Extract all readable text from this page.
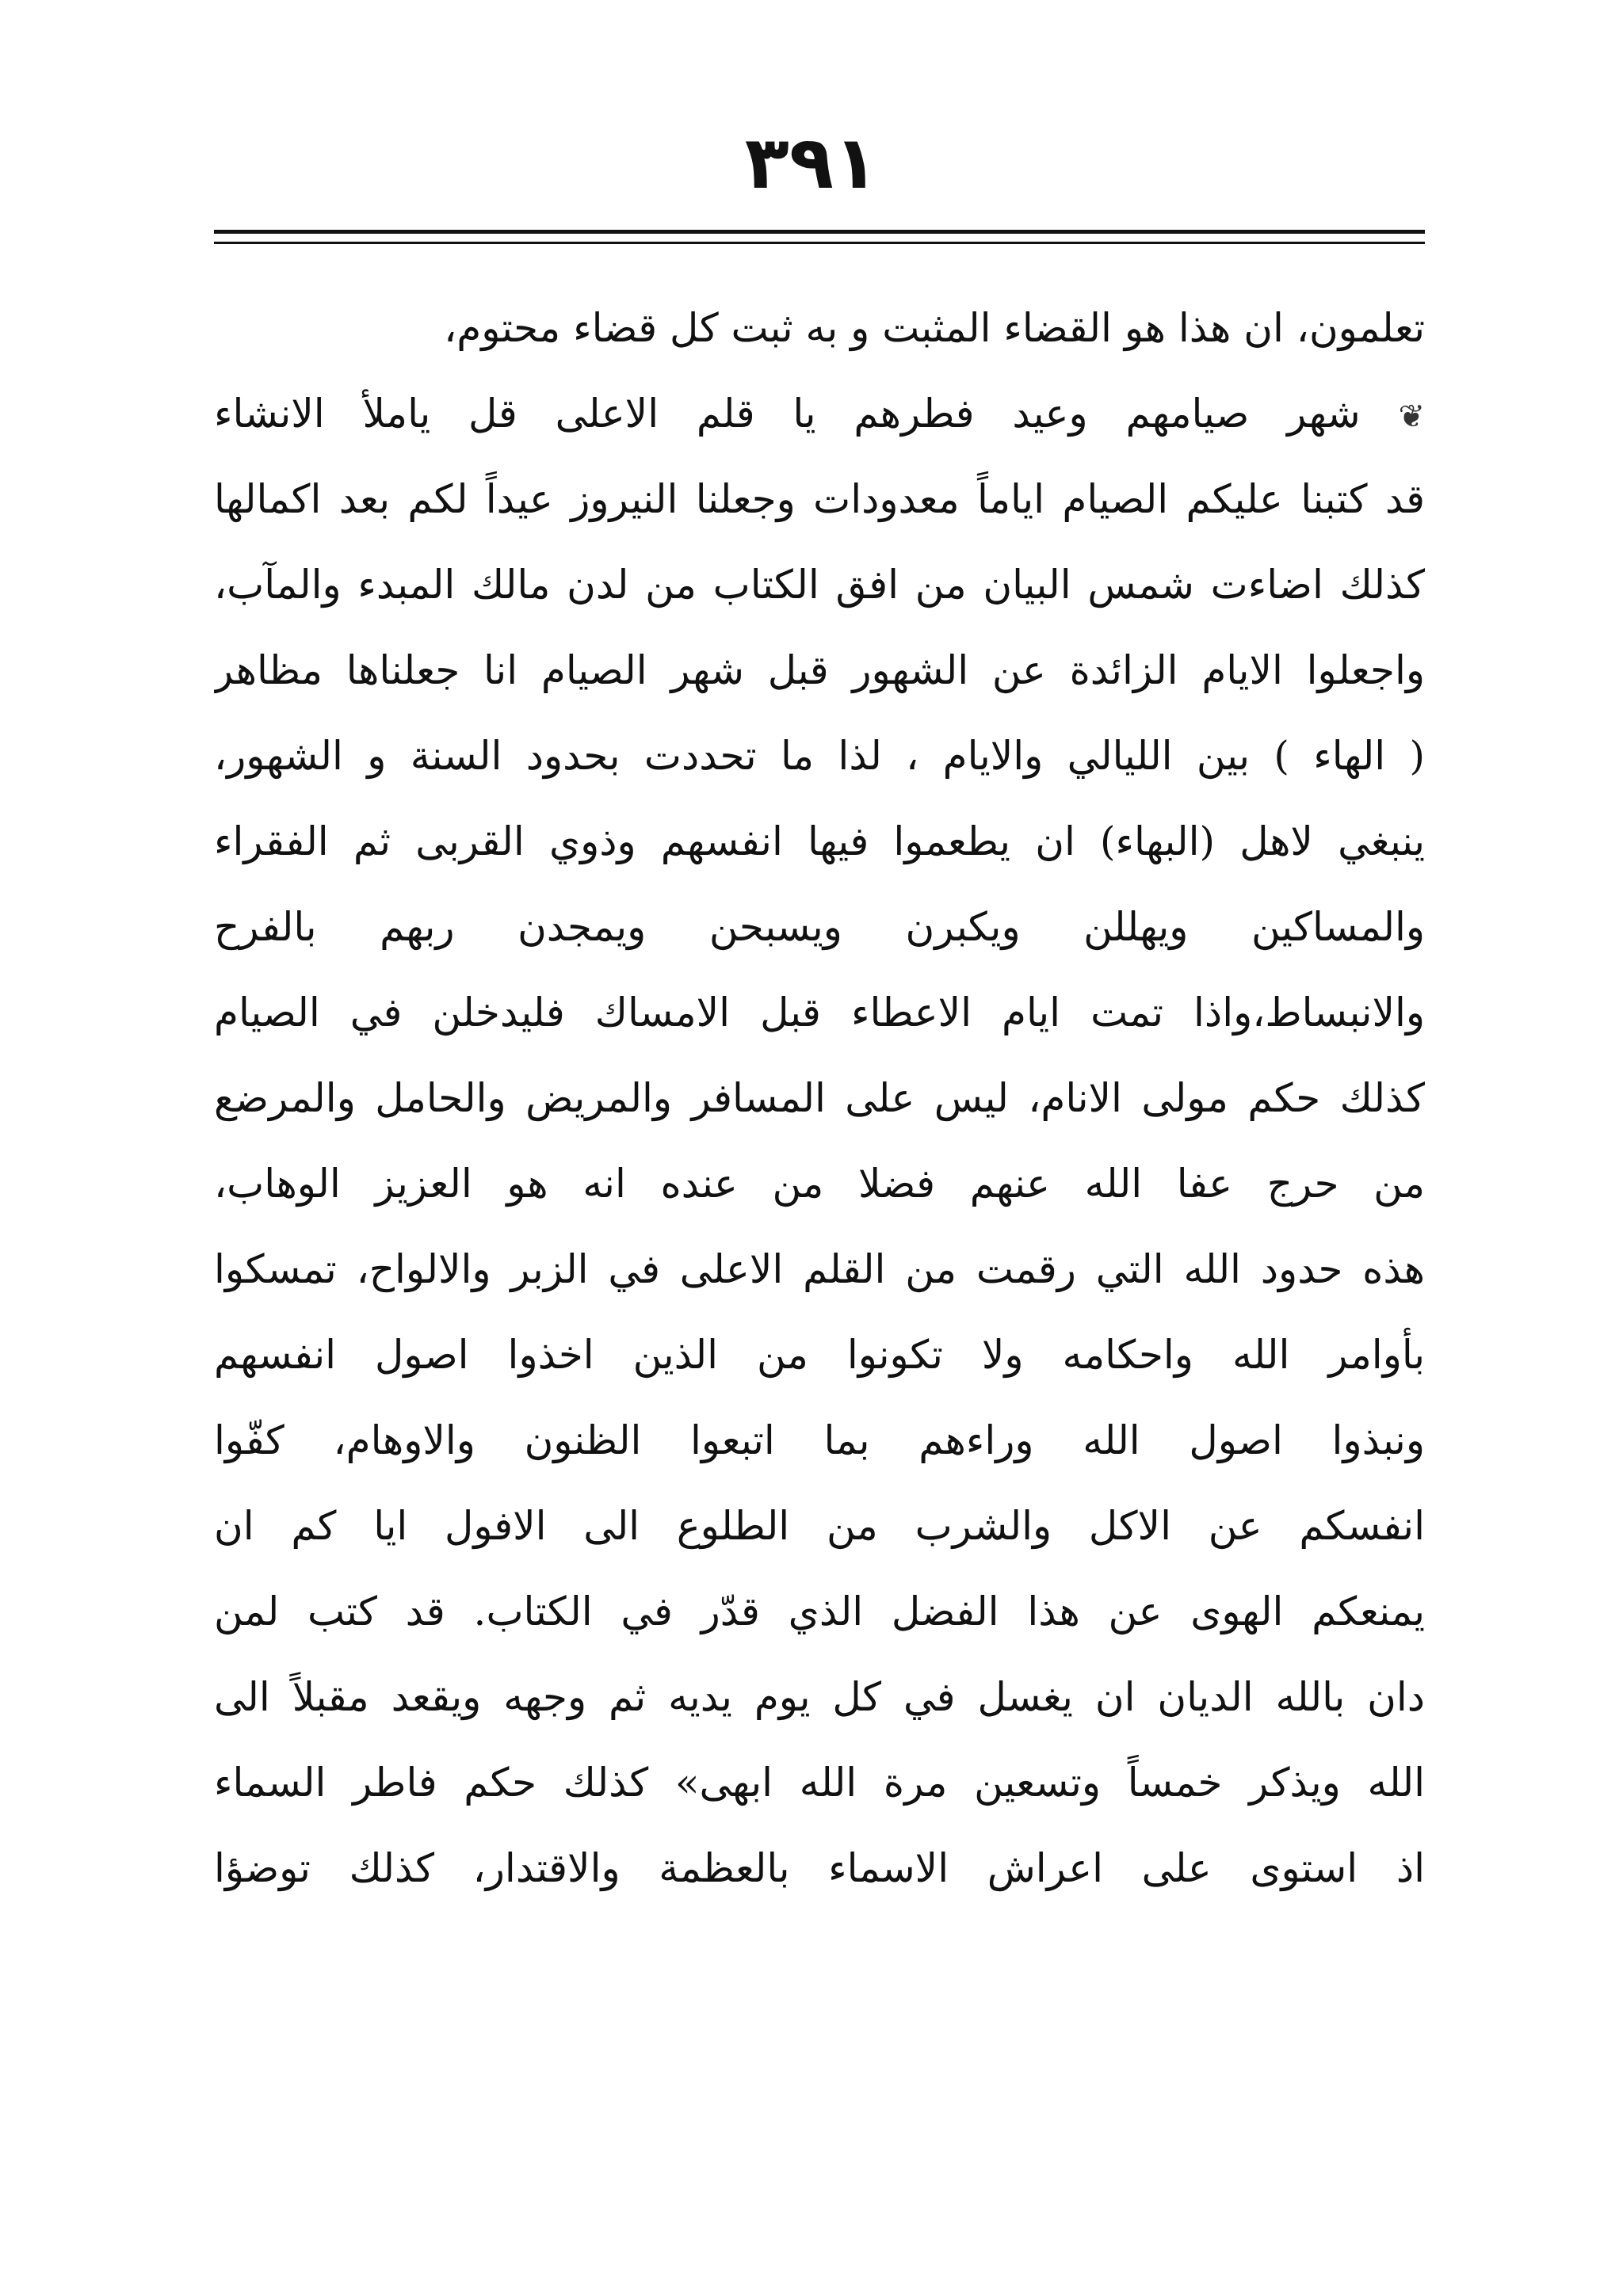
٣٩١
تعلمون، ان هذا هو القضاء المثبت و به ثبت كل قضاء محتوم،
❦ شهر صيامهم وعيد فطرهم يا قلم الاعلى قل ياملأ الانشاء
قد كتبنا عليكم الصيام اياماً معدودات وجعلنا النيروز عيداً لكم بعد اكمالها
كذلك اضاءت شمس البيان من افق الكتاب من لدن مالك المبدء والمآب،
واجعلوا الايام الزائدة عن الشهور قبل شهر الصيام انا جعلناها مظاهر
( الهاء ) بين الليالي والايام ، لذا ما تحددت بحدود السنة و الشهور،
ينبغي لاهل (البهاء) ان يطعموا فيها انفسهم وذوي القربى ثم الفقراء
والمساكين ويهللن ويكبرن ويسبحن ويمجدن ربهم بالفرح
والانبساط،واذا تمت ايام الاعطاء قبل الامساك فليدخلن في الصيام
كذلك حكم مولى الانام، ليس على المسافر والمريض والحامل والمرضع
من حرج عفا الله عنهم فضلا من عنده انه هو العزيز الوهاب،
هذه حدود الله التي رقمت من القلم الاعلى في الزبر والالواح، تمسكوا
بأوامر الله واحكامه ولا تكونوا من الذين اخذوا اصول انفسهم
ونبذوا اصول الله وراءهم بما اتبعوا الظنون والاوهام، كفّوا
انفسكم عن الاكل والشرب من الطلوع الى الافول ايا كم ان
يمنعكم الهوى عن هذا الفضل الذي قدّر في الكتاب. قد كتب لمن
دان بالله الديان ان يغسل في كل يوم يديه ثم وجهه ويقعد مقبلاً الى
الله ويذكر خمساً وتسعين مرة الله ابهى» كذلك حكم فاطر السماء
اذ استوى على اعراش الاسماء بالعظمة والاقتدار، كذلك توضؤا
